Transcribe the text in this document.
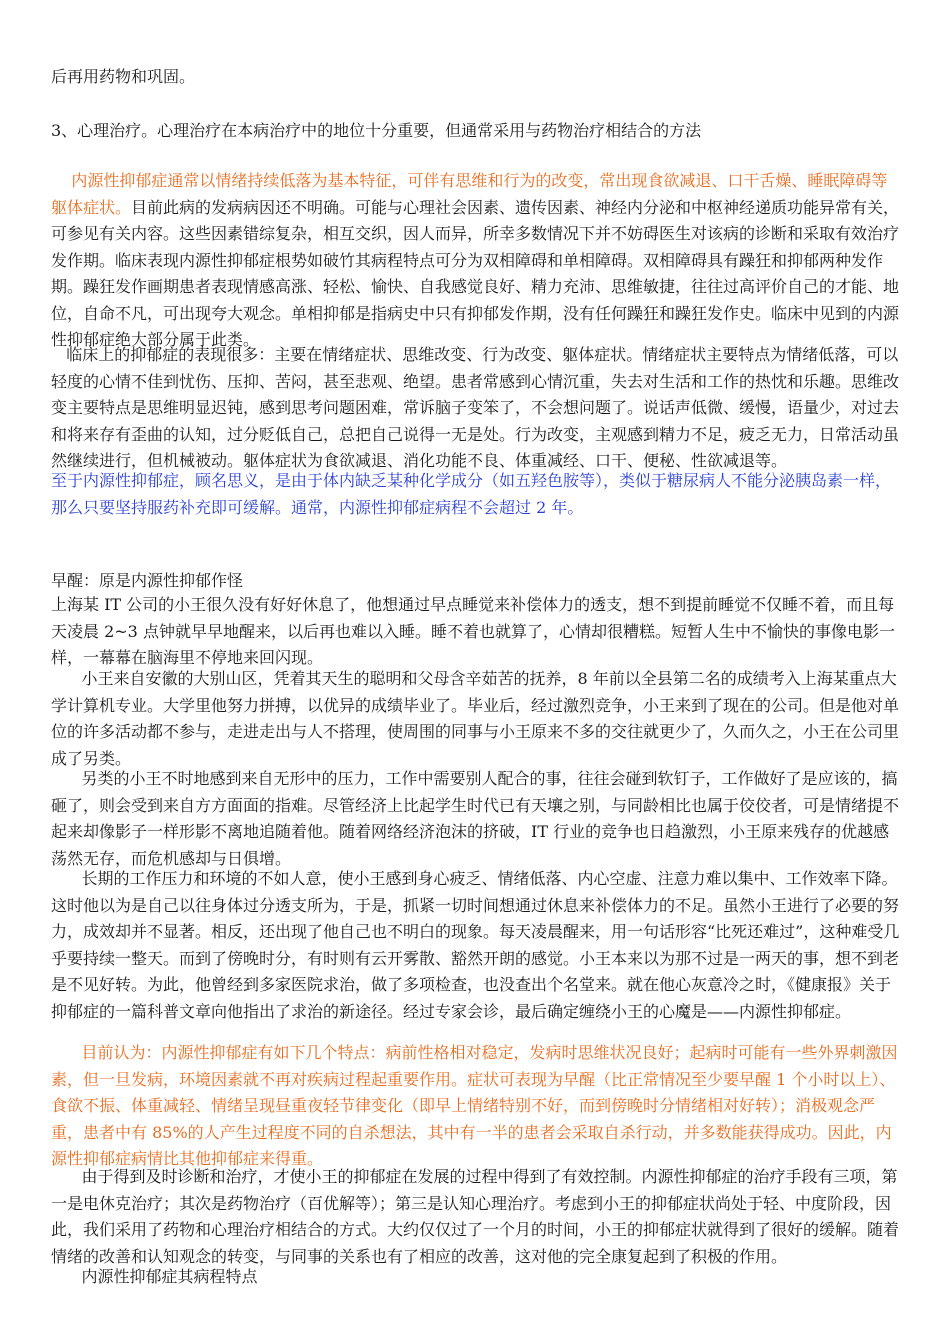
后再用药物和巩固。

3、心理治疗。心理治疗在本病治疗中的地位十分重要，但通常采用与药物治疗相结合的方法

内源性抑郁症通常以情绪持续低落为基本特征，可伴有思维和行为的改变，常出现食欲减退、口干舌燥、睡眠障碍等躯体症状。目前此病的发病病因还不明确。可能与心理社会因素、遗传因素、神经内分泌和中枢神经递质功能异常有关，可参见有关内容。这些因素错综复杂，相互交织，因人而异，所幸多数情况下并不妨碍医生对该病的诊断和采取有效治疗发作期。临床表现内源性抑郁症根势如破竹其病程特点可分为双相障碍和单相障碍。双相障碍具有躁狂和抑郁两种发作期。躁狂发作画期患者表现情感高涨、轻松、愉快、自我感觉良好、精力充沛、思维敏捷，往往过高评价自己的才能、地位，自命不凡，可出现夸大观念。单相抑郁是指病史中只有抑郁发作期，没有任何躁狂和躁狂发作史。临床中见到的内源性抑郁症绝大部分属于此类。

临床上的抑郁症的表现很多：主要在情绪症状、思维改变、行为改变、躯体症状。情绪症状主要特点为情绪低落，可以轻度的心情不佳到忧伤、压抑、苦闷，甚至悲观、绝望。患者常感到心情沉重，失去对生活和工作的热忱和乐趣。思维改变主要特点是思维明显迟钝，感到思考问题困难，常诉脑子变笨了，不会想问题了。说话声低微、缓慢，语量少，对过去和将来存有歪曲的认知，过分贬低自己，总把自己说得一无是处。行为改变，主观感到精力不足，疲乏无力，日常活动虽然继续进行，但机械被动。躯体症状为食欲减退、消化功能不良、体重减经、口干、便秘、性欲减退等。

至于内源性抑郁症，顾名思义，是由于体内缺乏某种化学成分（如五羟色胺等），类似于糖尿病人不能分泌胰岛素一样，那么只要坚持服药补充即可缓解。通常，内源性抑郁症病程不会超过 2 年。

早醒：原是内源性抑郁作怪

上海某 IT 公司的小王很久没有好好休息了，他想通过早点睡觉来补偿体力的透支，想不到提前睡觉不仅睡不着，而且每天凌晨 2~3 点钟就早早地醒来，以后再也难以入睡。睡不着也就算了，心情却很糟糕。短暂人生中不愉快的事像电影一样，一幕幕在脑海里不停地来回闪现。

小王来自安徽的大别山区，凭着其天生的聪明和父母含辛茹苦的抚养，8 年前以全县第二名的成绩考入上海某重点大学计算机专业。大学里他努力拼搏，以优异的成绩毕业了。毕业后，经过激烈竞争，小王来到了现在的公司。但是他对单位的许多活动都不参与，走进走出与人不搭理，使周围的同事与小王原来不多的交往就更少了，久而久之，小王在公司里成了另类。

另类的小王不时地感到来自无形中的压力，工作中需要别人配合的事，往往会碰到软钉子，工作做好了是应该的，搞砸了，则会受到来自方方面面的指难。尽管经济上比起学生时代已有天壤之别，与同龄相比也属于佼佼者，可是情绪提不起来却像影子一样形影不离地追随着他。随着网络经济泡沫的挤破，IT 行业的竞争也日趋激烈，小王原来残存的优越感荡然无存，而危机感却与日俱增。

长期的工作压力和环境的不如人意，使小王感到身心疲乏、情绪低落、内心空虚、注意力难以集中、工作效率下降。这时他以为是自己以往身体过分透支所为，于是，抓紧一切时间想通过休息来补偿体力的不足。虽然小王进行了必要的努力，成效却并不显著。相反，还出现了他自己也不明白的现象。每天凌晨醒来，用一句话形容“比死还难过”，这种难受几乎要持续一整天。而到了傍晚时分，有时则有云开雾散、豁然开朗的感觉。小王本来以为那不过是一两天的事，想不到老是不见好转。为此，他曾经到多家医院求治，做了多项检查，也没查出个名堂来。就在他心灰意冷之时，《健康报》关于抑郁症的一篇科普文章向他指出了求治的新途径。经过专家会诊，最后确定缠绕小王的心魔是——内源性抑郁症。

目前认为：内源性抑郁症有如下几个特点：病前性格相对稳定，发病时思维状况良好；起病时可能有一些外界刺激因素，但一旦发病，环境因素就不再对疾病过程起重要作用。症状可表现为早醒（比正常情况至少要早醒 1 个小时以上）、食欲不振、体重减轻、情绪呈现昼重夜轻节律变化（即早上情绪特别不好，而到傍晚时分情绪相对好转）；消极观念严重，患者中有 85%的人产生过程度不同的自杀想法，其中有一半的患者会采取自杀行动，并多数能获得成功。因此，内源性抑郁症病情比其他抑郁症来得重。

由于得到及时诊断和治疗，才使小王的抑郁症在发展的过程中得到了有效控制。内源性抑郁症的治疗手段有三项，第一是电休克治疗；其次是药物治疗（百优解等）；第三是认知心理治疗。考虑到小王的抑郁症状尚处于轻、中度阶段，因此，我们采用了药物和心理治疗相结合的方式。大约仅仅过了一个月的时间，小王的抑郁症状就得到了很好的缓解。随着情绪的改善和认知观念的转变，与同事的关系也有了相应的改善，这对他的完全康复起到了积极的作用。

内源性抑郁症其病程特点
